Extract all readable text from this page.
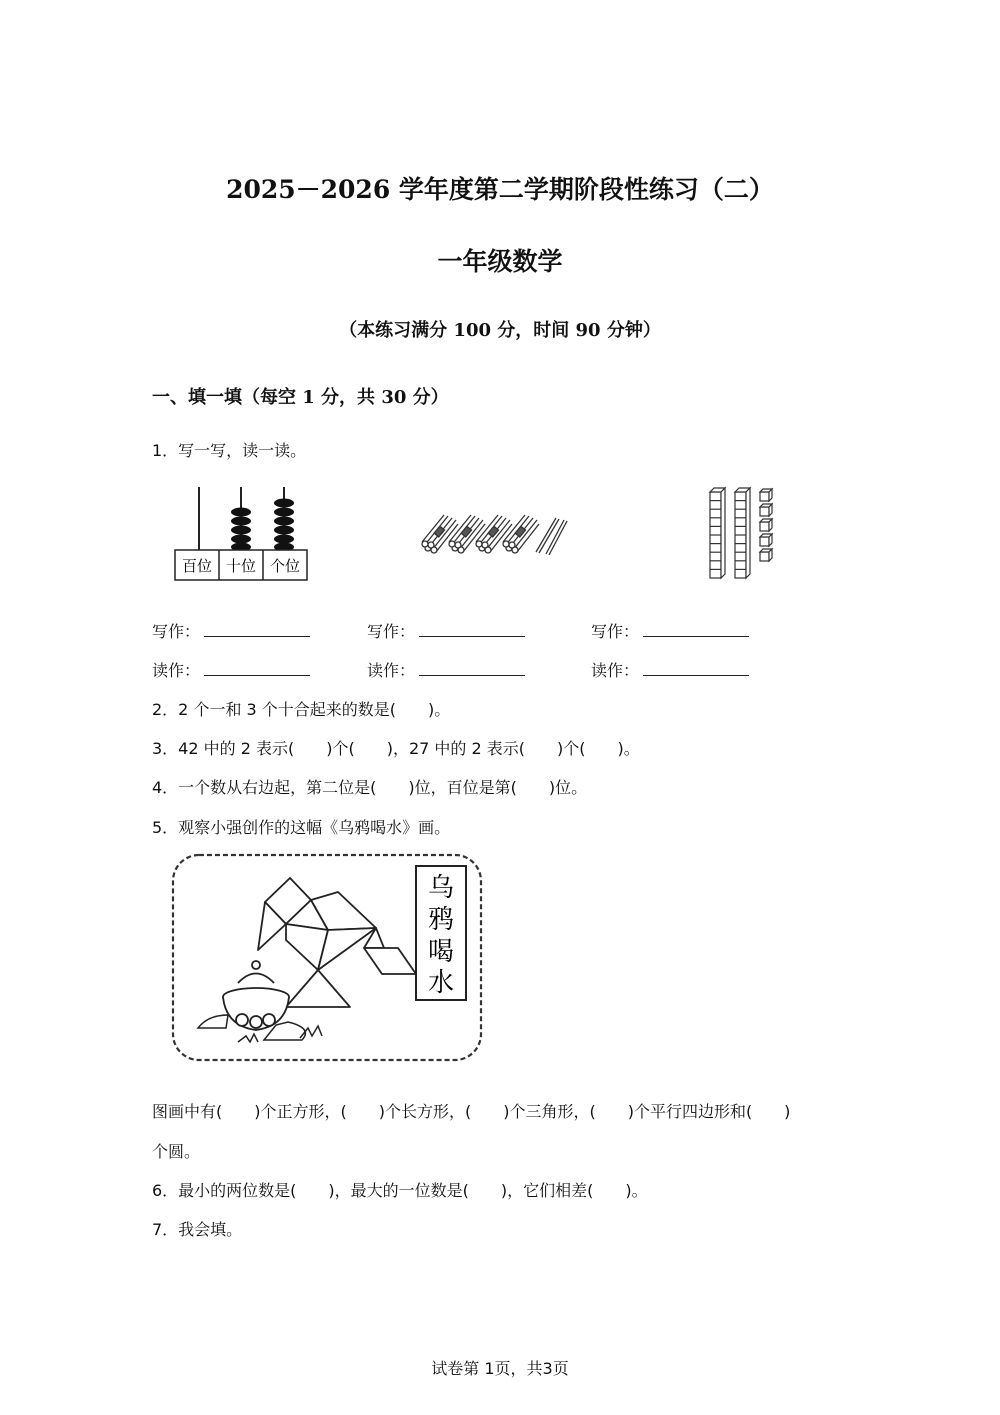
2025－2026 学年度第二学期阶段性练习（二）
一年级数学
（本练习满分 100 分，时间 90 分钟）
一、填一填（每空 1 分，共 30 分）
1．写一写，读一读。
百位 十位 个位
写作：	写作：	写作：
读作：	读作：	读作：
2．2 个一和 3 个十合起来的数是(　　)。
3．42 中的 2 表示(　　)个(　　)，27 中的 2 表示(　　)个(　　)。
4．一个数从右边起，第二位是(　　)位，百位是第(　　)位。
5．观察小强创作的这幅《乌鸦喝水》画。
乌
鸦
喝
水
图画中有(　　)个正方形，(　　)个长方形，(　　)个三角形，(　　)个平行四边形和(　　)
个圆。
6．最小的两位数是(　　)，最大的一位数是(　　)，它们相差(　　)。
7．我会填。
试卷第 1页，共3页
